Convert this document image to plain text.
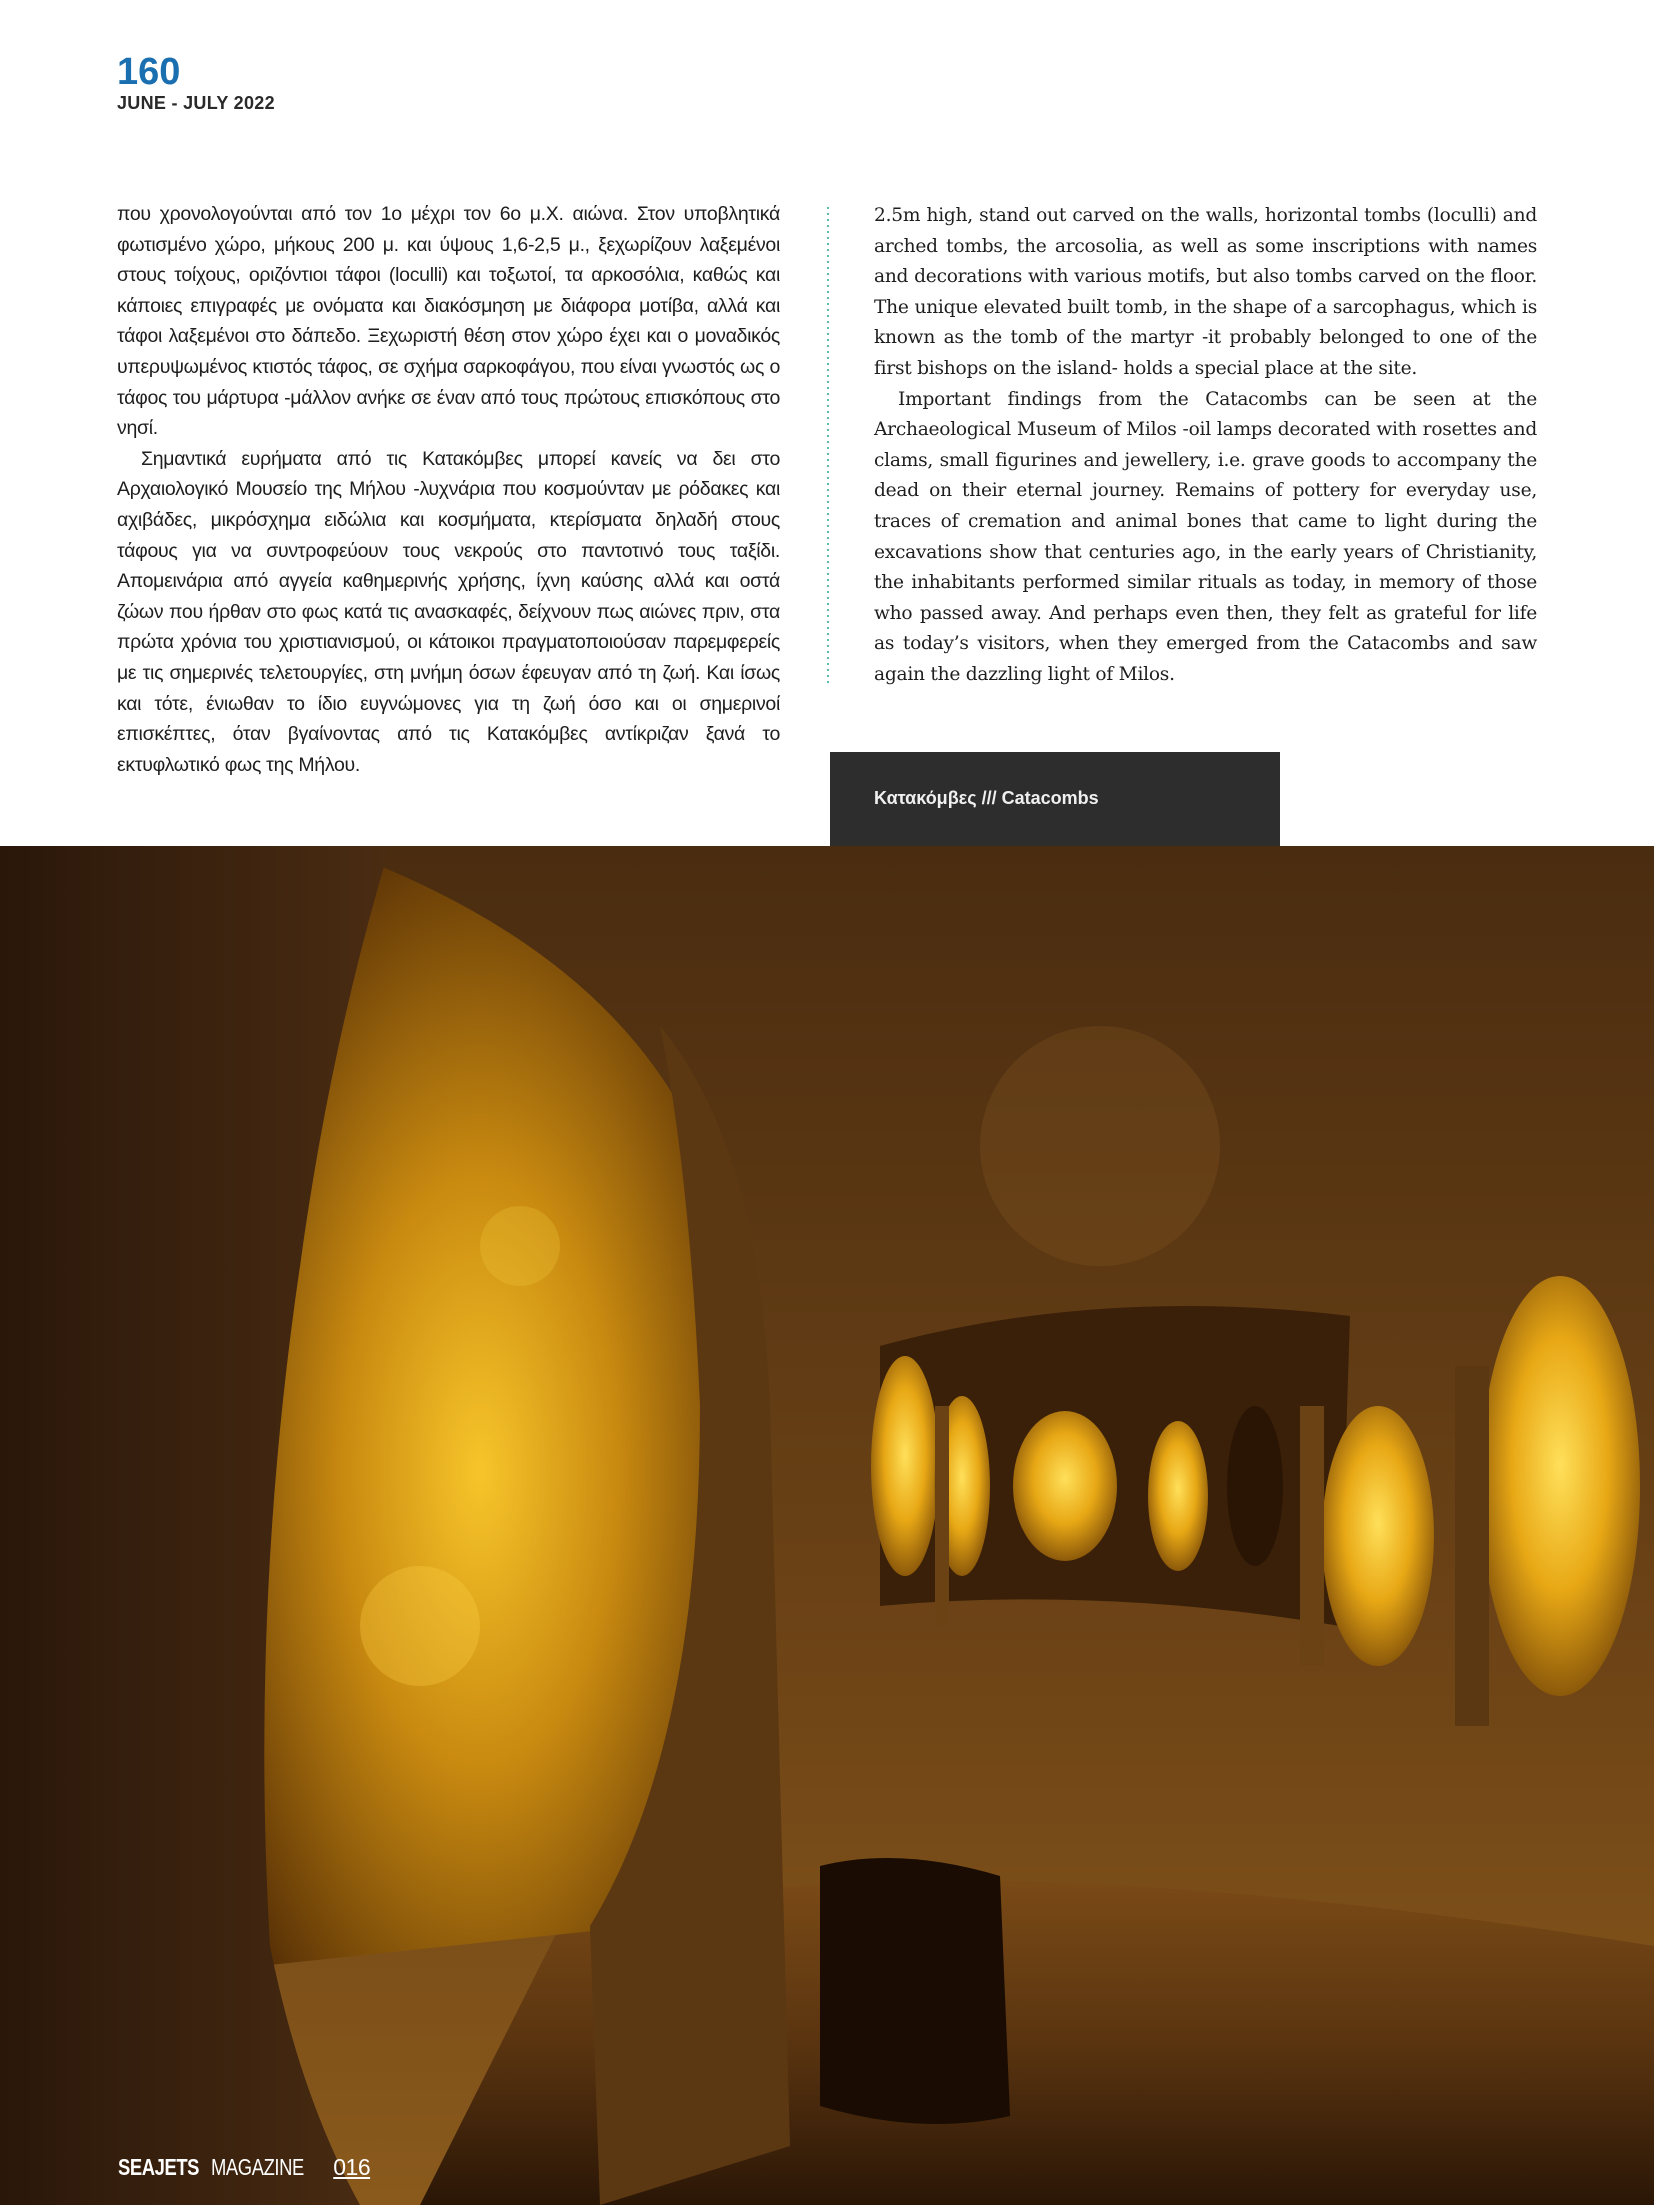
160
JUNE - JULY 2022

που χρονολογούνται από τον 1ο μέχρι τον 6ο μ.Χ. αιώνα. Στον υποβλητικά φωτισμένο χώρο, μήκους 200 μ. και ύψους 1,6-2,5 μ., ξεχωρίζουν λαξεμένοι στους τοίχους, οριζόντιοι τάφοι (loculli) και τοξωτοί, τα αρκοσόλια, καθώς και κάποιες επιγραφές με ονόματα και διακόσμηση με διάφορα μοτίβα, αλλά και τάφοι λαξεμένοι στο δάπεδο. Ξεχωριστή θέση στον χώρο έχει και ο μοναδικός υπερυψωμένος κτιστός τάφος, σε σχήμα σαρκοφάγου, που είναι γνωστός ως ο τάφος του μάρτυρα -μάλλον ανήκε σε έναν από τους πρώτους επισκόπους στο νησί.

Σημαντικά ευρήματα από τις Κατακόμβες μπορεί κανείς να δει στο Αρχαιολογικό Μουσείο της Μήλου -λυχνάρια που κοσμούνταν με ρόδακες και αχιβάδες, μικρόσχημα ειδώλια και κοσμήματα, κτερίσματα δηλαδή στους τάφους για να συντροφεύουν τους νεκρούς στο παντοτινό τους ταξίδι. Απομεινάρια από αγγεία καθημερινής χρήσης, ίχνη καύσης αλλά και οστά ζώων που ήρθαν στο φως κατά τις ανασκαφές, δείχνουν πως αιώνες πριν, στα πρώτα χρόνια του χριστιανισμού, οι κάτοικοι πραγματοποιούσαν παρεμφερείς με τις σημερινές τελετουργίες, στη μνήμη όσων έφευγαν από τη ζωή. Και ίσως και τότε, ένιωθαν το ίδιο ευγνώμονες για τη ζωή όσο και οι σημερινοί επισκέπτες, όταν βγαίνοντας από τις Κατακόμβες αντίκριζαν ξανά το εκτυφλωτικό φως της Μήλου.

2.5m high, stand out carved on the walls, horizontal tombs (loculli) and arched tombs, the arcosolia, as well as some inscriptions with names and decorations with various motifs, but also tombs carved on the floor. The unique elevated built tomb, in the shape of a sarcophagus, which is known as the tomb of the martyr -it probably belonged to one of the first bishops on the island- holds a special place at the site.

Important findings from the Catacombs can be seen at the Archaeological Museum of Milos -oil lamps decorated with rosettes and clams, small figurines and jewellery, i.e. grave goods to accompany the dead on their eternal journey. Remains of pottery for everyday use, traces of cremation and animal bones that came to light during the excavations show that centuries ago, in the early years of Christianity, the inhabitants performed similar rituals as today, in memory of those who passed away. And perhaps even then, they felt as grateful for life as today’s visitors, when they emerged from the Catacombs and saw again the dazzling light of Milos.

Κατακόμβες /// Catacombs
SEAJETS MAGAZINE 016
